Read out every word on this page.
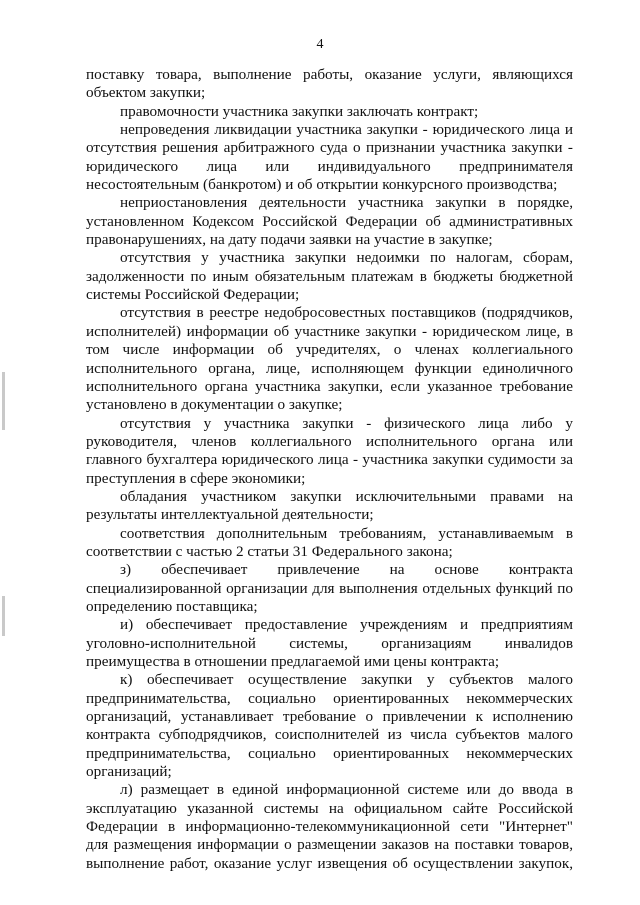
4

поставку товара, выполнение работы, оказание услуги, являющихся объектом закупки;

правомочности участника закупки заключать контракт;

непроведения ликвидации участника закупки - юридического лица и отсутствия решения арбитражного суда о признании участника закупки - юридического лица или индивидуального предпринимателя несостоятельным (банкротом) и об открытии конкурсного производства;

неприостановления деятельности участника закупки в порядке, установленном Кодексом Российской Федерации об административных правонарушениях, на дату подачи заявки на участие в закупке;

отсутствия у участника закупки недоимки по налогам, сборам, задолженности по иным обязательным платежам в бюджеты бюджетной системы Российской Федерации;

отсутствия в реестре недобросовестных поставщиков (подрядчиков, исполнителей) информации об участнике закупки - юридическом лице, в том числе информации об учредителях, о членах коллегиального исполнительного органа, лице, исполняющем функции единоличного исполнительного органа участника закупки, если указанное требование установлено в документации о закупке;

отсутствия у участника закупки - физического лица либо у руководителя, членов коллегиального исполнительного органа или главного бухгалтера юридического лица - участника закупки судимости за преступления в сфере экономики;

обладания участником закупки исключительными правами на результаты интеллектуальной деятельности;

соответствия дополнительным требованиям, устанавливаемым в соответствии с частью 2 статьи 31 Федерального закона;

з) обеспечивает привлечение на основе контракта специализированной организации для выполнения отдельных функций по определению поставщика;

и) обеспечивает предоставление учреждениям и предприятиям уголовно-исполнительной системы, организациям инвалидов преимущества в отношении предлагаемой ими цены контракта;

к) обеспечивает осуществление закупки у субъектов малого предпринимательства, социально ориентированных некоммерческих организаций, устанавливает требование о привлечении к исполнению контракта субподрядчиков, соисполнителей из числа субъектов малого предпринимательства, социально ориентированных некоммерческих организаций;

л) размещает в единой информационной системе или до ввода в эксплуатацию указанной системы на официальном сайте Российской Федерации в информационно-телекоммуникационной сети "Интернет" для размещения информации о размещении заказов на поставки товаров, выполнение работ, оказание услуг извещения об осуществлении закупок,
